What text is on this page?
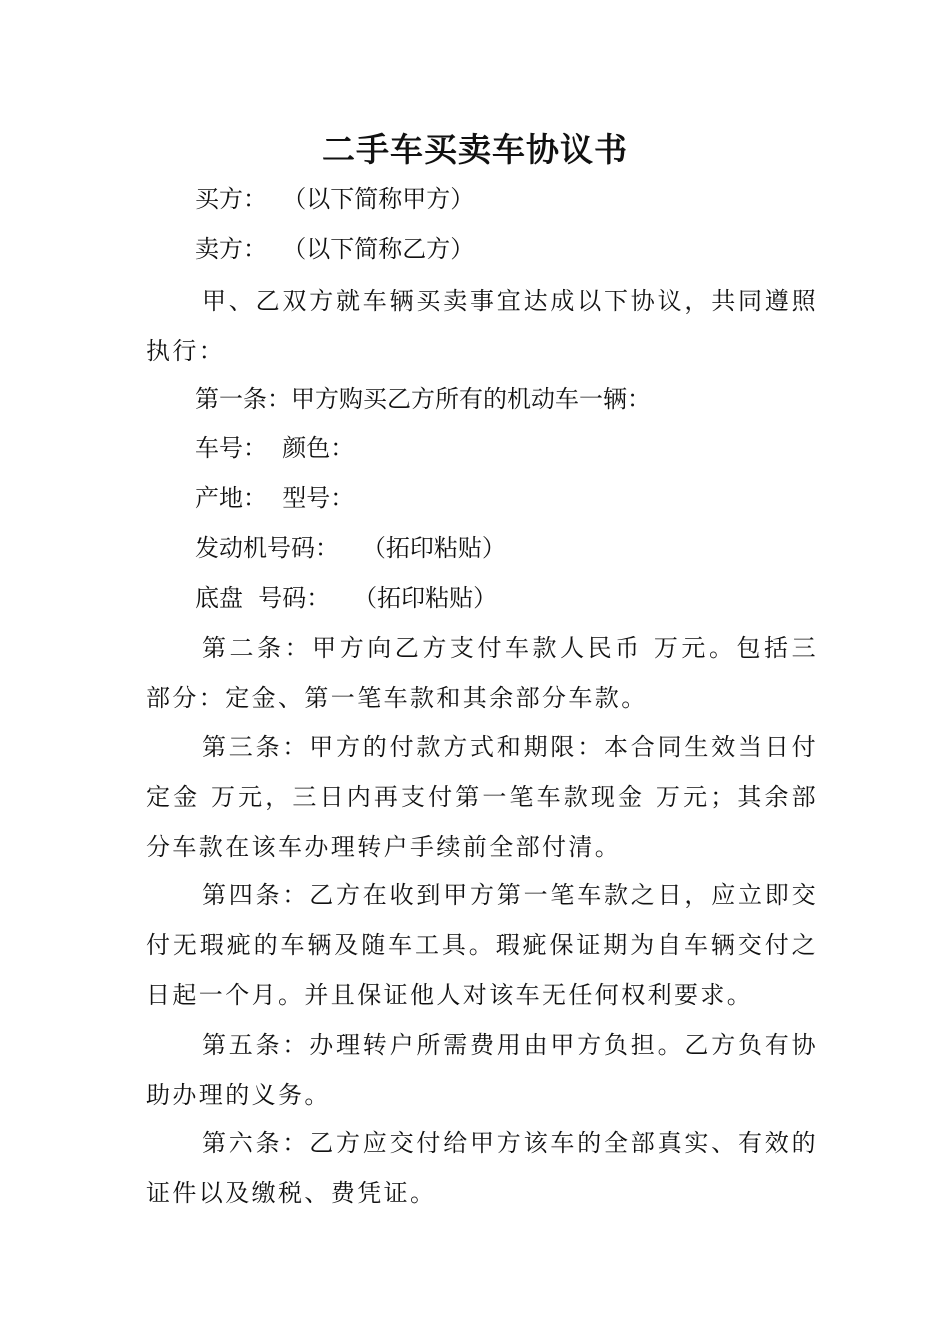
二手车买卖车协议书
买方：  （以下简称甲方）
卖方：  （以下简称乙方）
甲、乙双方就车辆买卖事宜达成以下协议，共同遵照执行：
第一条：甲方购买乙方所有的机动车一辆：
车号：  颜色：
产地：  型号：
发动机号码：   （拓印粘贴）
底盘  号码：   （拓印粘贴）
第二条：甲方向乙方支付车款人民币 万元。包括三部分：定金、第一笔车款和其余部分车款。
第三条：甲方的付款方式和期限：本合同生效当日付定金 万元，三日内再支付第一笔车款现金 万元；其余部分车款在该车办理转户手续前全部付清。
第四条：乙方在收到甲方第一笔车款之日，应立即交付无瑕疵的车辆及随车工具。瑕疵保证期为自车辆交付之日起一个月。并且保证他人对该车无任何权利要求。
第五条：办理转户所需费用由甲方负担。乙方负有协助办理的义务。
第六条：乙方应交付给甲方该车的全部真实、有效的证件以及缴税、费凭证。
